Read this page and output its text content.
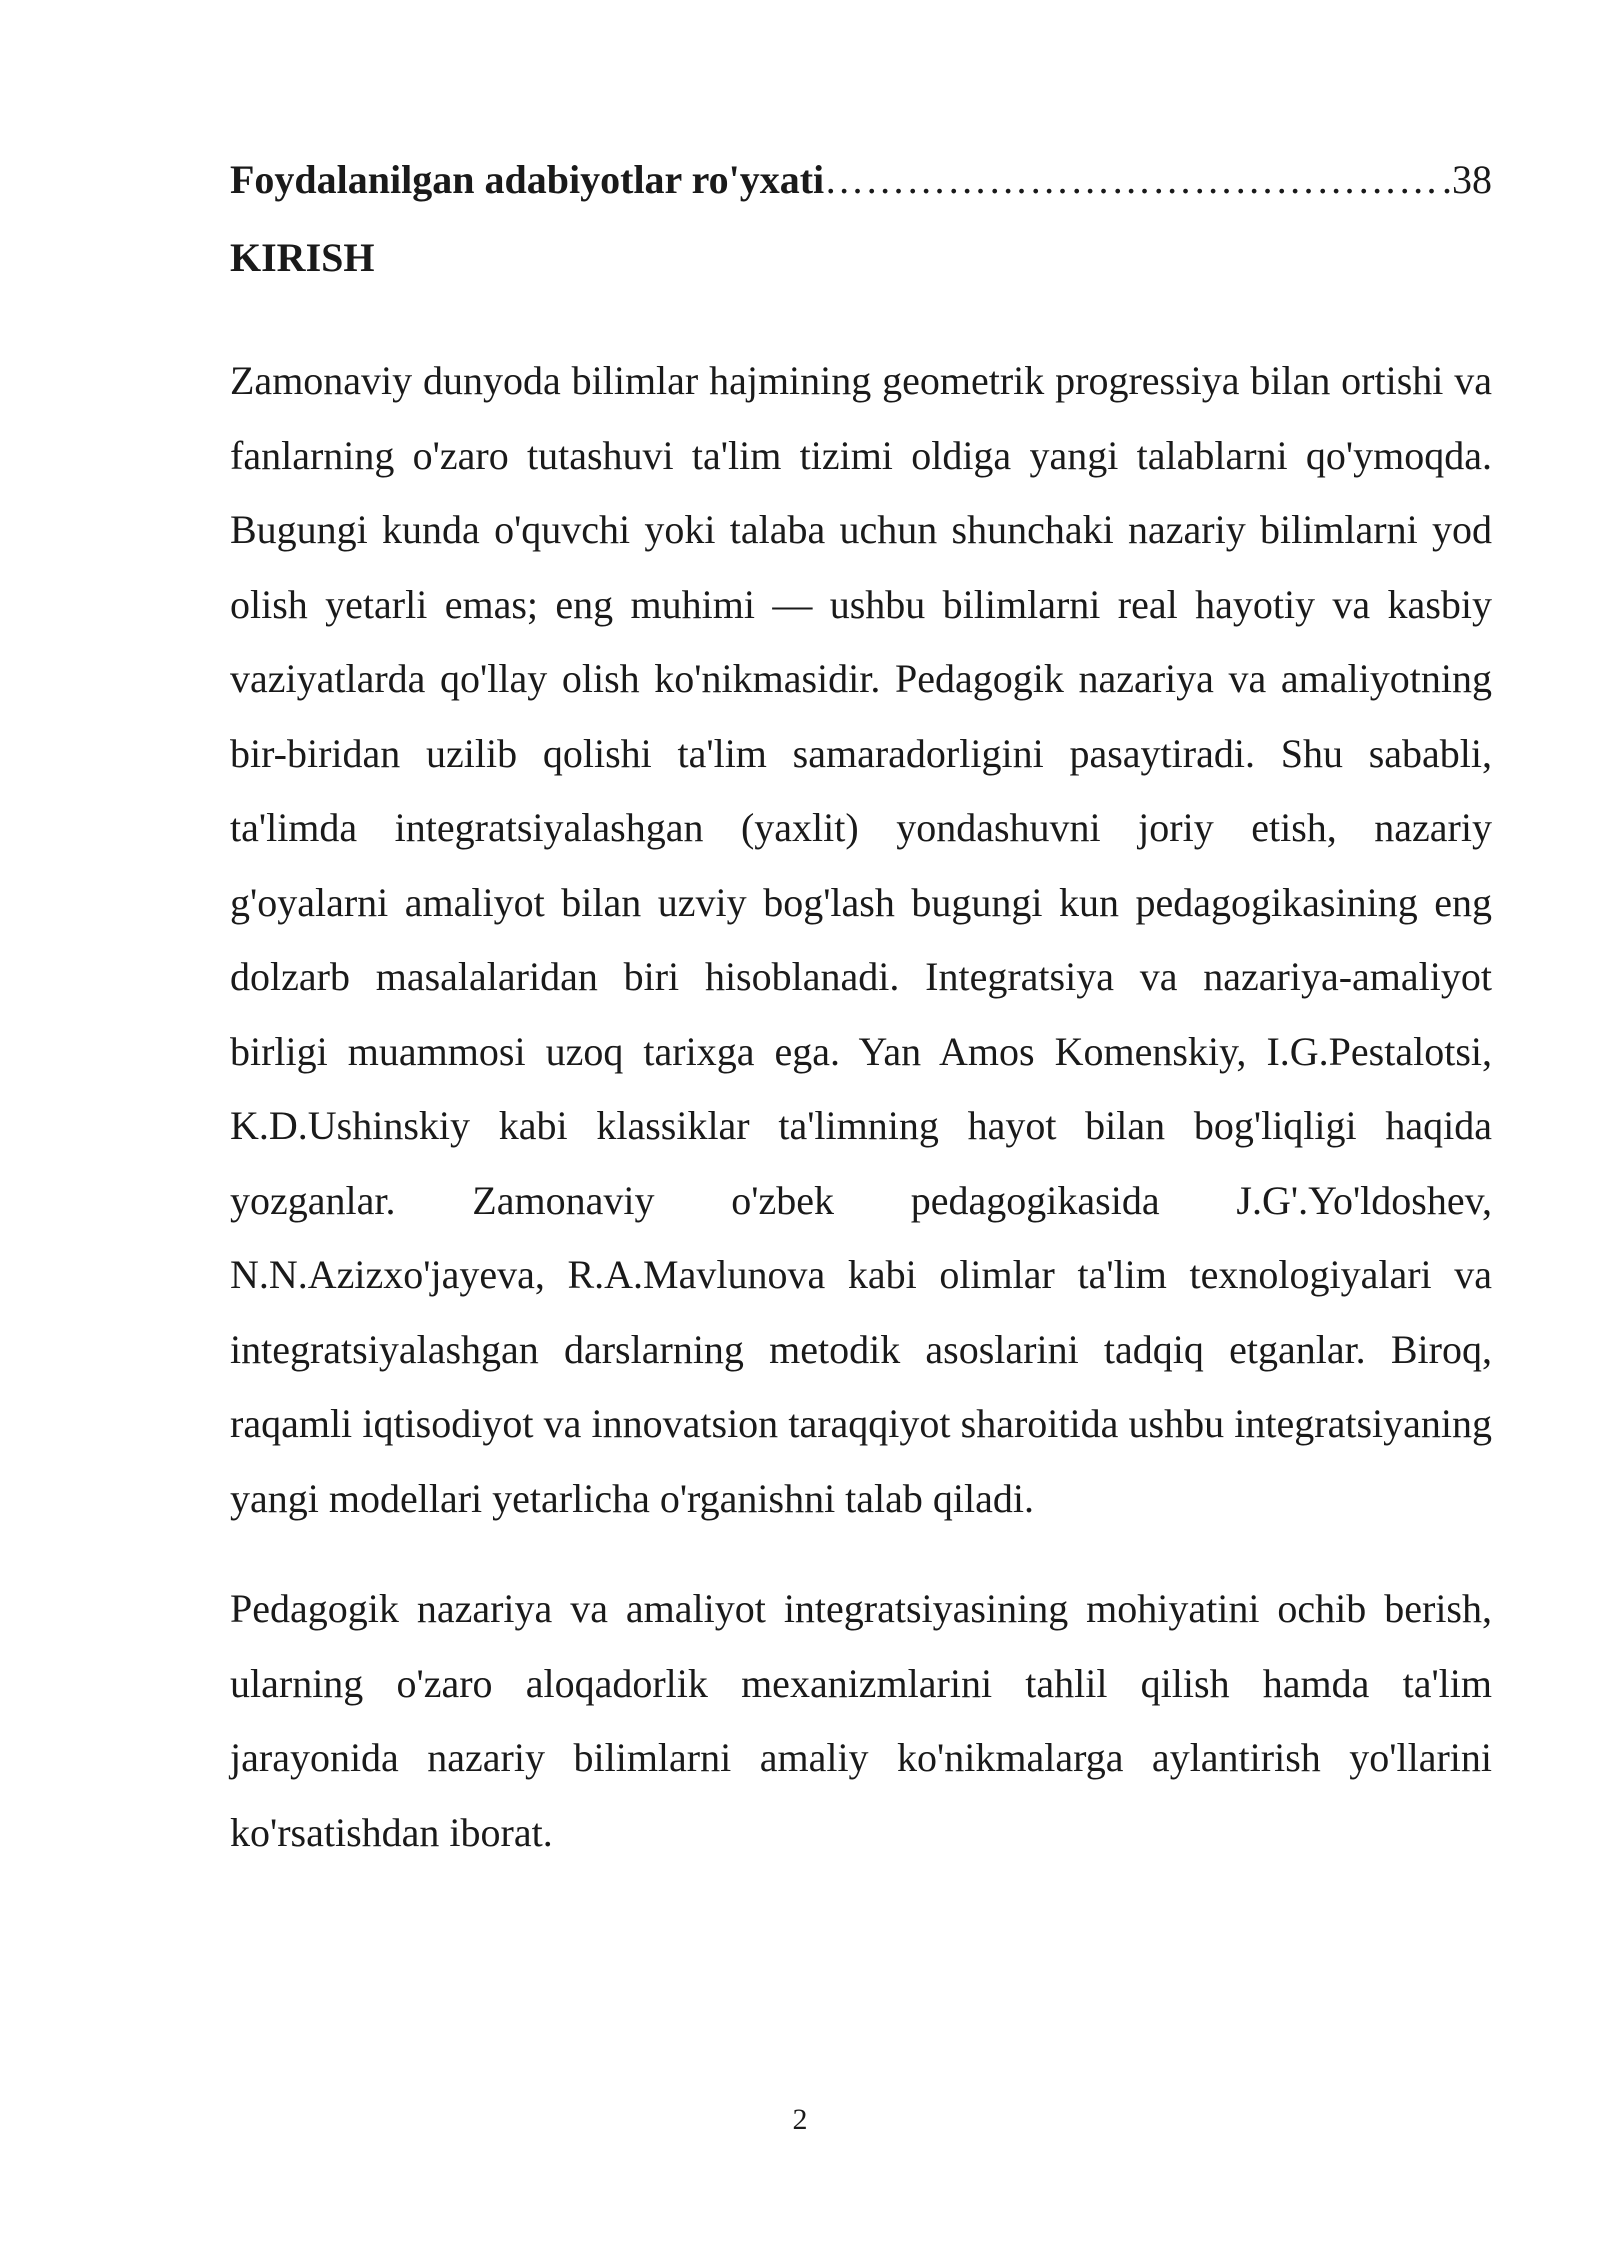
Foydalanilgan adabiyotlar ro'yxati
………………………………………………………………………………………………………………	.38
KIRISH

Zamonaviy dunyoda bilimlar hajmining geometrik progressiya bilan ortishi va fanlarning o'zaro tutashuvi ta'lim tizimi oldiga yangi talablarni qo'ymoqda. Bugungi kunda o'quvchi yoki talaba uchun shunchaki nazariy bilimlarni yod olish yetarli emas; eng muhimi — ushbu bilimlarni real hayotiy va kasbiy vaziyatlarda qo'llay olish ko'nikmasidir. Pedagogik nazariya va amaliyotning bir-biridan uzilib qolishi ta'lim samaradorligini pasaytiradi. Shu sababli, ta'limda integratsiyalashgan (yaxlit) yondashuvni joriy etish, nazariy g'oyalarni amaliyot bilan uzviy bog'lash bugungi kun pedagogikasining eng dolzarb masalalaridan biri hisoblanadi. Integratsiya va nazariya-amaliyot birligi muammosi uzoq tarixga ega. Yan Amos Komenskiy, I.G.Pestalotsi, K.D.Ushinskiy kabi klassiklar ta'limning hayot bilan bog'liqligi haqida yozganlar. Zamonaviy o'zbek pedagogikasida J.G'.Yo'ldoshev, N.N.Azizxo'jayeva, R.A.Mavlunova kabi olimlar ta'lim texnologiyalari va integratsiyalashgan darslarning metodik asoslarini tadqiq etganlar. Biroq, raqamli iqtisodiyot va innovatsion taraqqiyot sharoitida ushbu integratsiyaning yangi modellari yetarlicha o'rganishni talab qiladi.

Pedagogik nazariya va amaliyot integratsiyasining mohiyatini ochib berish, ularning o'zaro aloqadorlik mexanizmlarini tahlil qilish hamda ta'lim jarayonida nazariy bilimlarni amaliy ko'nikmalarga aylantirish yo'llarini ko'rsatishdan iborat.

2
